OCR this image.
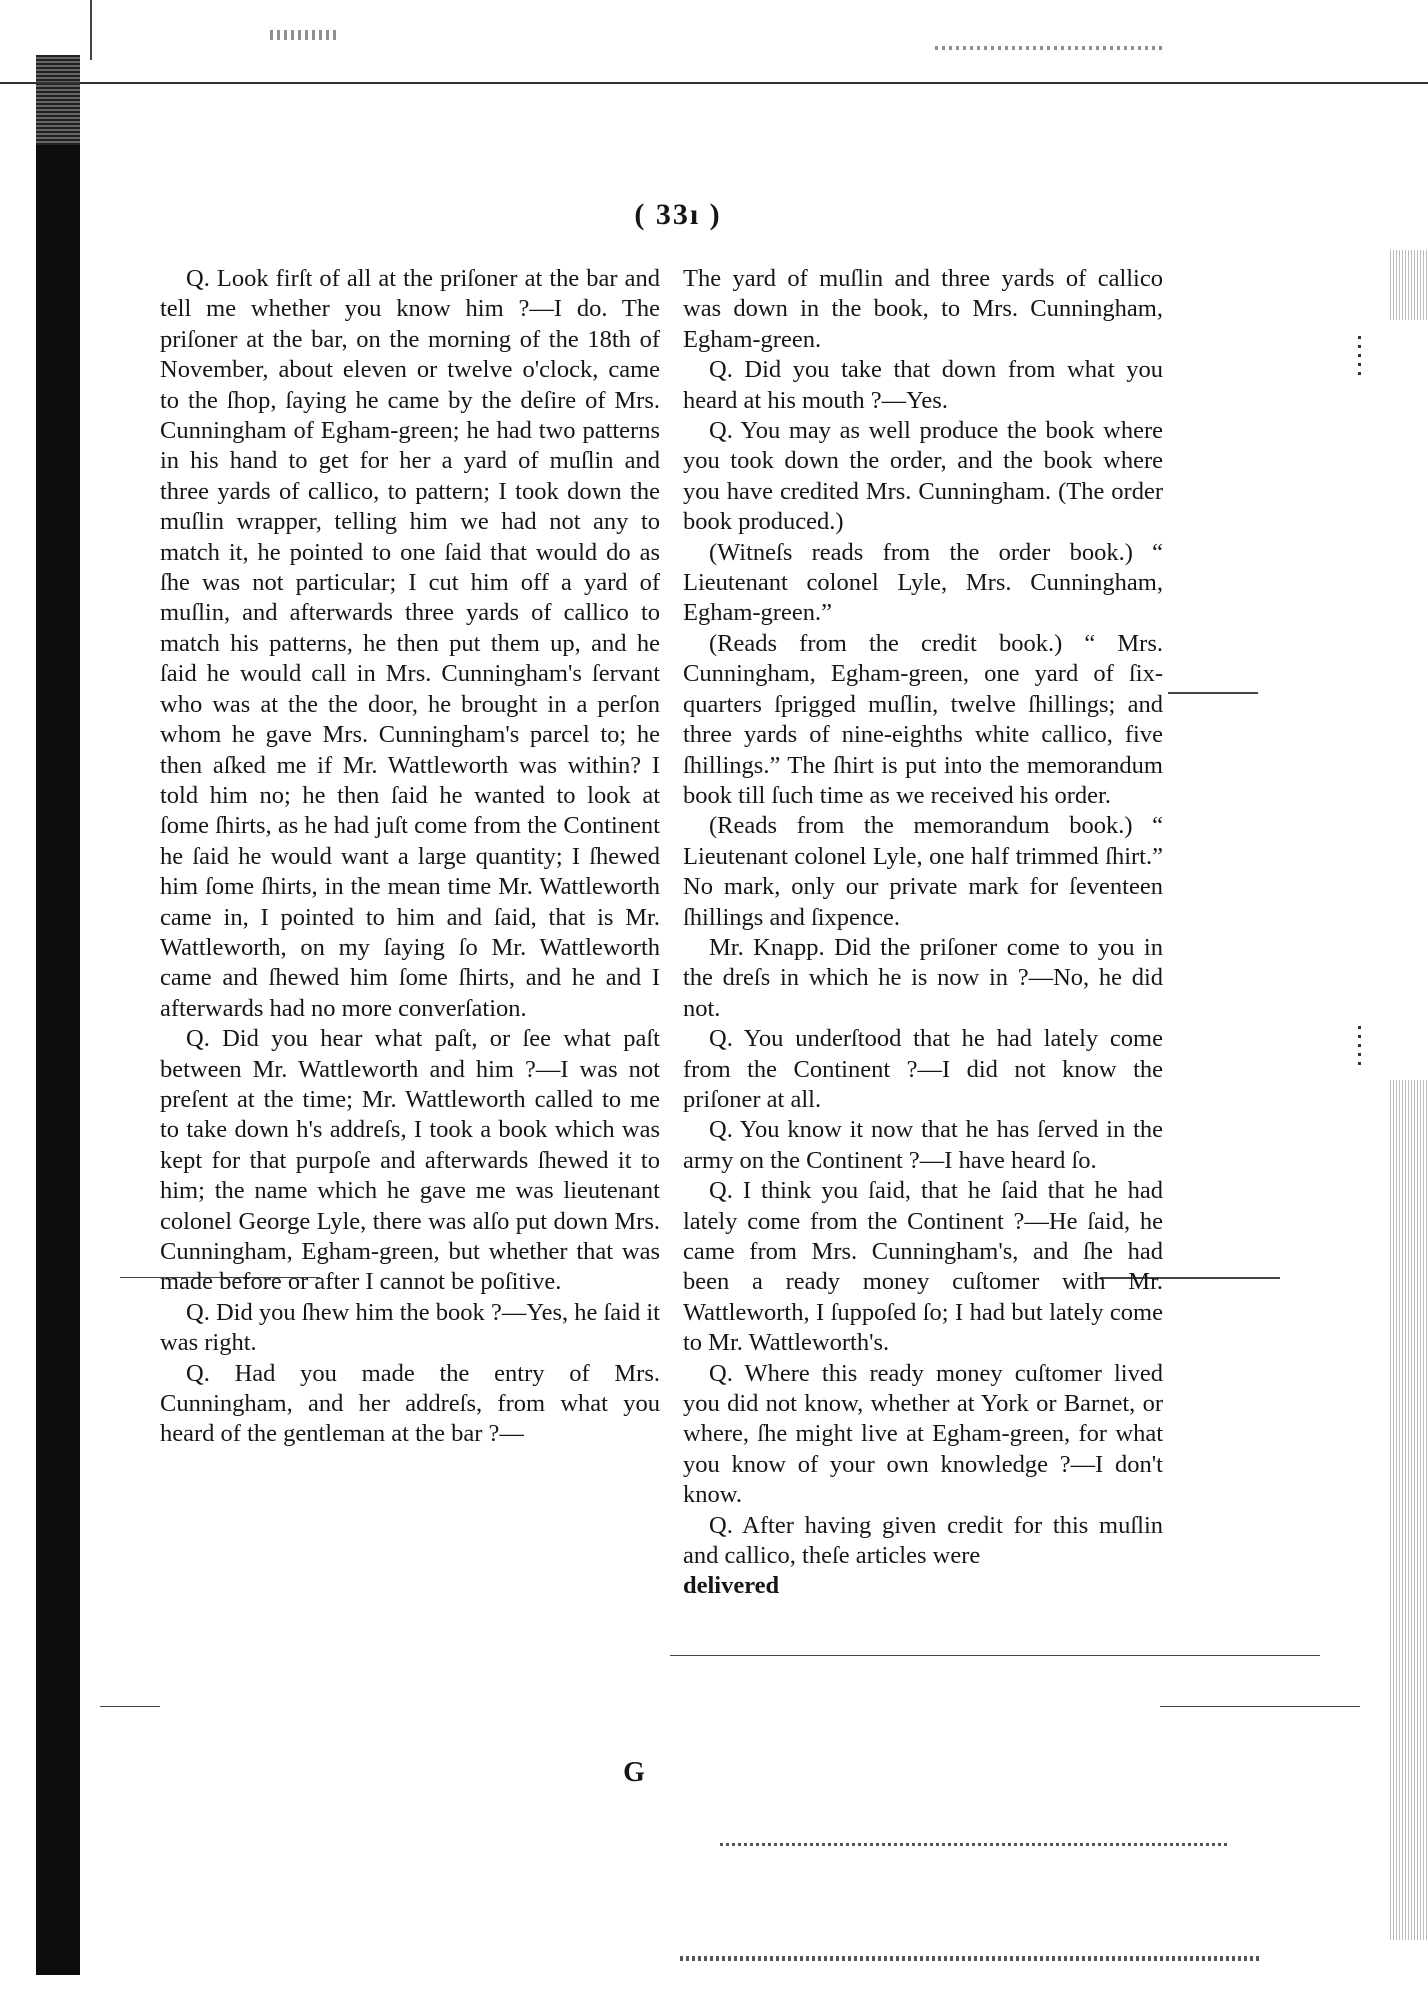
( 33ı )

Q. Look firſt of all at the priſoner at the bar and tell me whether you know him ?—I do. The priſoner at the bar, on the morning of the 18th of November, about eleven or twelve o'clock, came to the ſhop, ſaying he came by the deſire of Mrs. Cunningham of Egham-green; he had two patterns in his hand to get for her a yard of muſlin and three yards of callico, to pattern; I took down the muſlin wrapper, telling him we had not any to match it, he pointed to one ſaid that would do as ſhe was not particular; I cut him off a yard of muſlin, and afterwards three yards of callico to match his patterns, he then put them up, and he ſaid he would call in Mrs. Cunningham's ſervant who was at the the door, he brought in a perſon whom he gave Mrs. Cunningham's parcel to; he then aſked me if Mr. Wattleworth was within? I told him no; he then ſaid he wanted to look at ſome ſhirts, as he had juſt come from the Continent he ſaid he would want a large quantity; I ſhewed him ſome ſhirts, in the mean time Mr. Wattleworth came in, I pointed to him and ſaid, that is Mr. Wattleworth, on my ſaying ſo Mr. Wattleworth came and ſhewed him ſome ſhirts, and he and I afterwards had no more converſation.

Q. Did you hear what paſt, or ſee what paſt between Mr. Wattleworth and him ?—I was not preſent at the time; Mr. Wattleworth called to me to take down h's addreſs, I took a book which was kept for that purpoſe and afterwards ſhewed it to him; the name which he gave me was lieutenant colonel George Lyle, there was alſo put down Mrs. Cunningham, Egham-green, but whether that was made before or after I cannot be poſitive.

Q. Did you ſhew him the book ?—Yes, he ſaid it was right.

Q. Had you made the entry of Mrs. Cunningham, and her addreſs, from what you heard of the gentleman at the bar ?—

The yard of muſlin and three yards of callico was down in the book, to Mrs. Cunningham, Egham-green.

Q. Did you take that down from what you heard at his mouth ?—Yes.

Q. You may as well produce the book where you took down the order, and the book where you have credited Mrs. Cunningham. (The order book produced.)

(Witneſs reads from the order book.) “ Lieutenant colonel Lyle, Mrs. Cunningham, Egham-green.”

(Reads from the credit book.) “ Mrs. Cunningham, Egham-green, one yard of ſix-quarters ſprigged muſlin, twelve ſhillings; and three yards of nine-eighths white callico, five ſhillings.” The ſhirt is put into the memorandum book till ſuch time as we received his order.

(Reads from the memorandum book.) “ Lieutenant colonel Lyle, one half trimmed ſhirt.” No mark, only our private mark for ſeventeen ſhillings and ſixpence.

Mr. Knapp. Did the priſoner come to you in the dreſs in which he is now in ?—No, he did not.

Q. You underſtood that he had lately come from the Continent ?—I did not know the priſoner at all.

Q. You know it now that he has ſerved in the army on the Continent ?—I have heard ſo.

Q. I think you ſaid, that he ſaid that he had lately come from the Continent ?—He ſaid, he came from Mrs. Cunningham's, and ſhe had been a ready money cuſtomer with Mr. Wattleworth, I ſuppoſed ſo; I had but lately come to Mr. Wattleworth's.

Q. Where this ready money cuſtomer lived you did not know, whether at York or Barnet, or where, ſhe might live at Egham-green, for what you know of your own knowledge ?—I don't know.

Q. After having given credit for this muſlin and callico, theſe articles were

delivered

G
